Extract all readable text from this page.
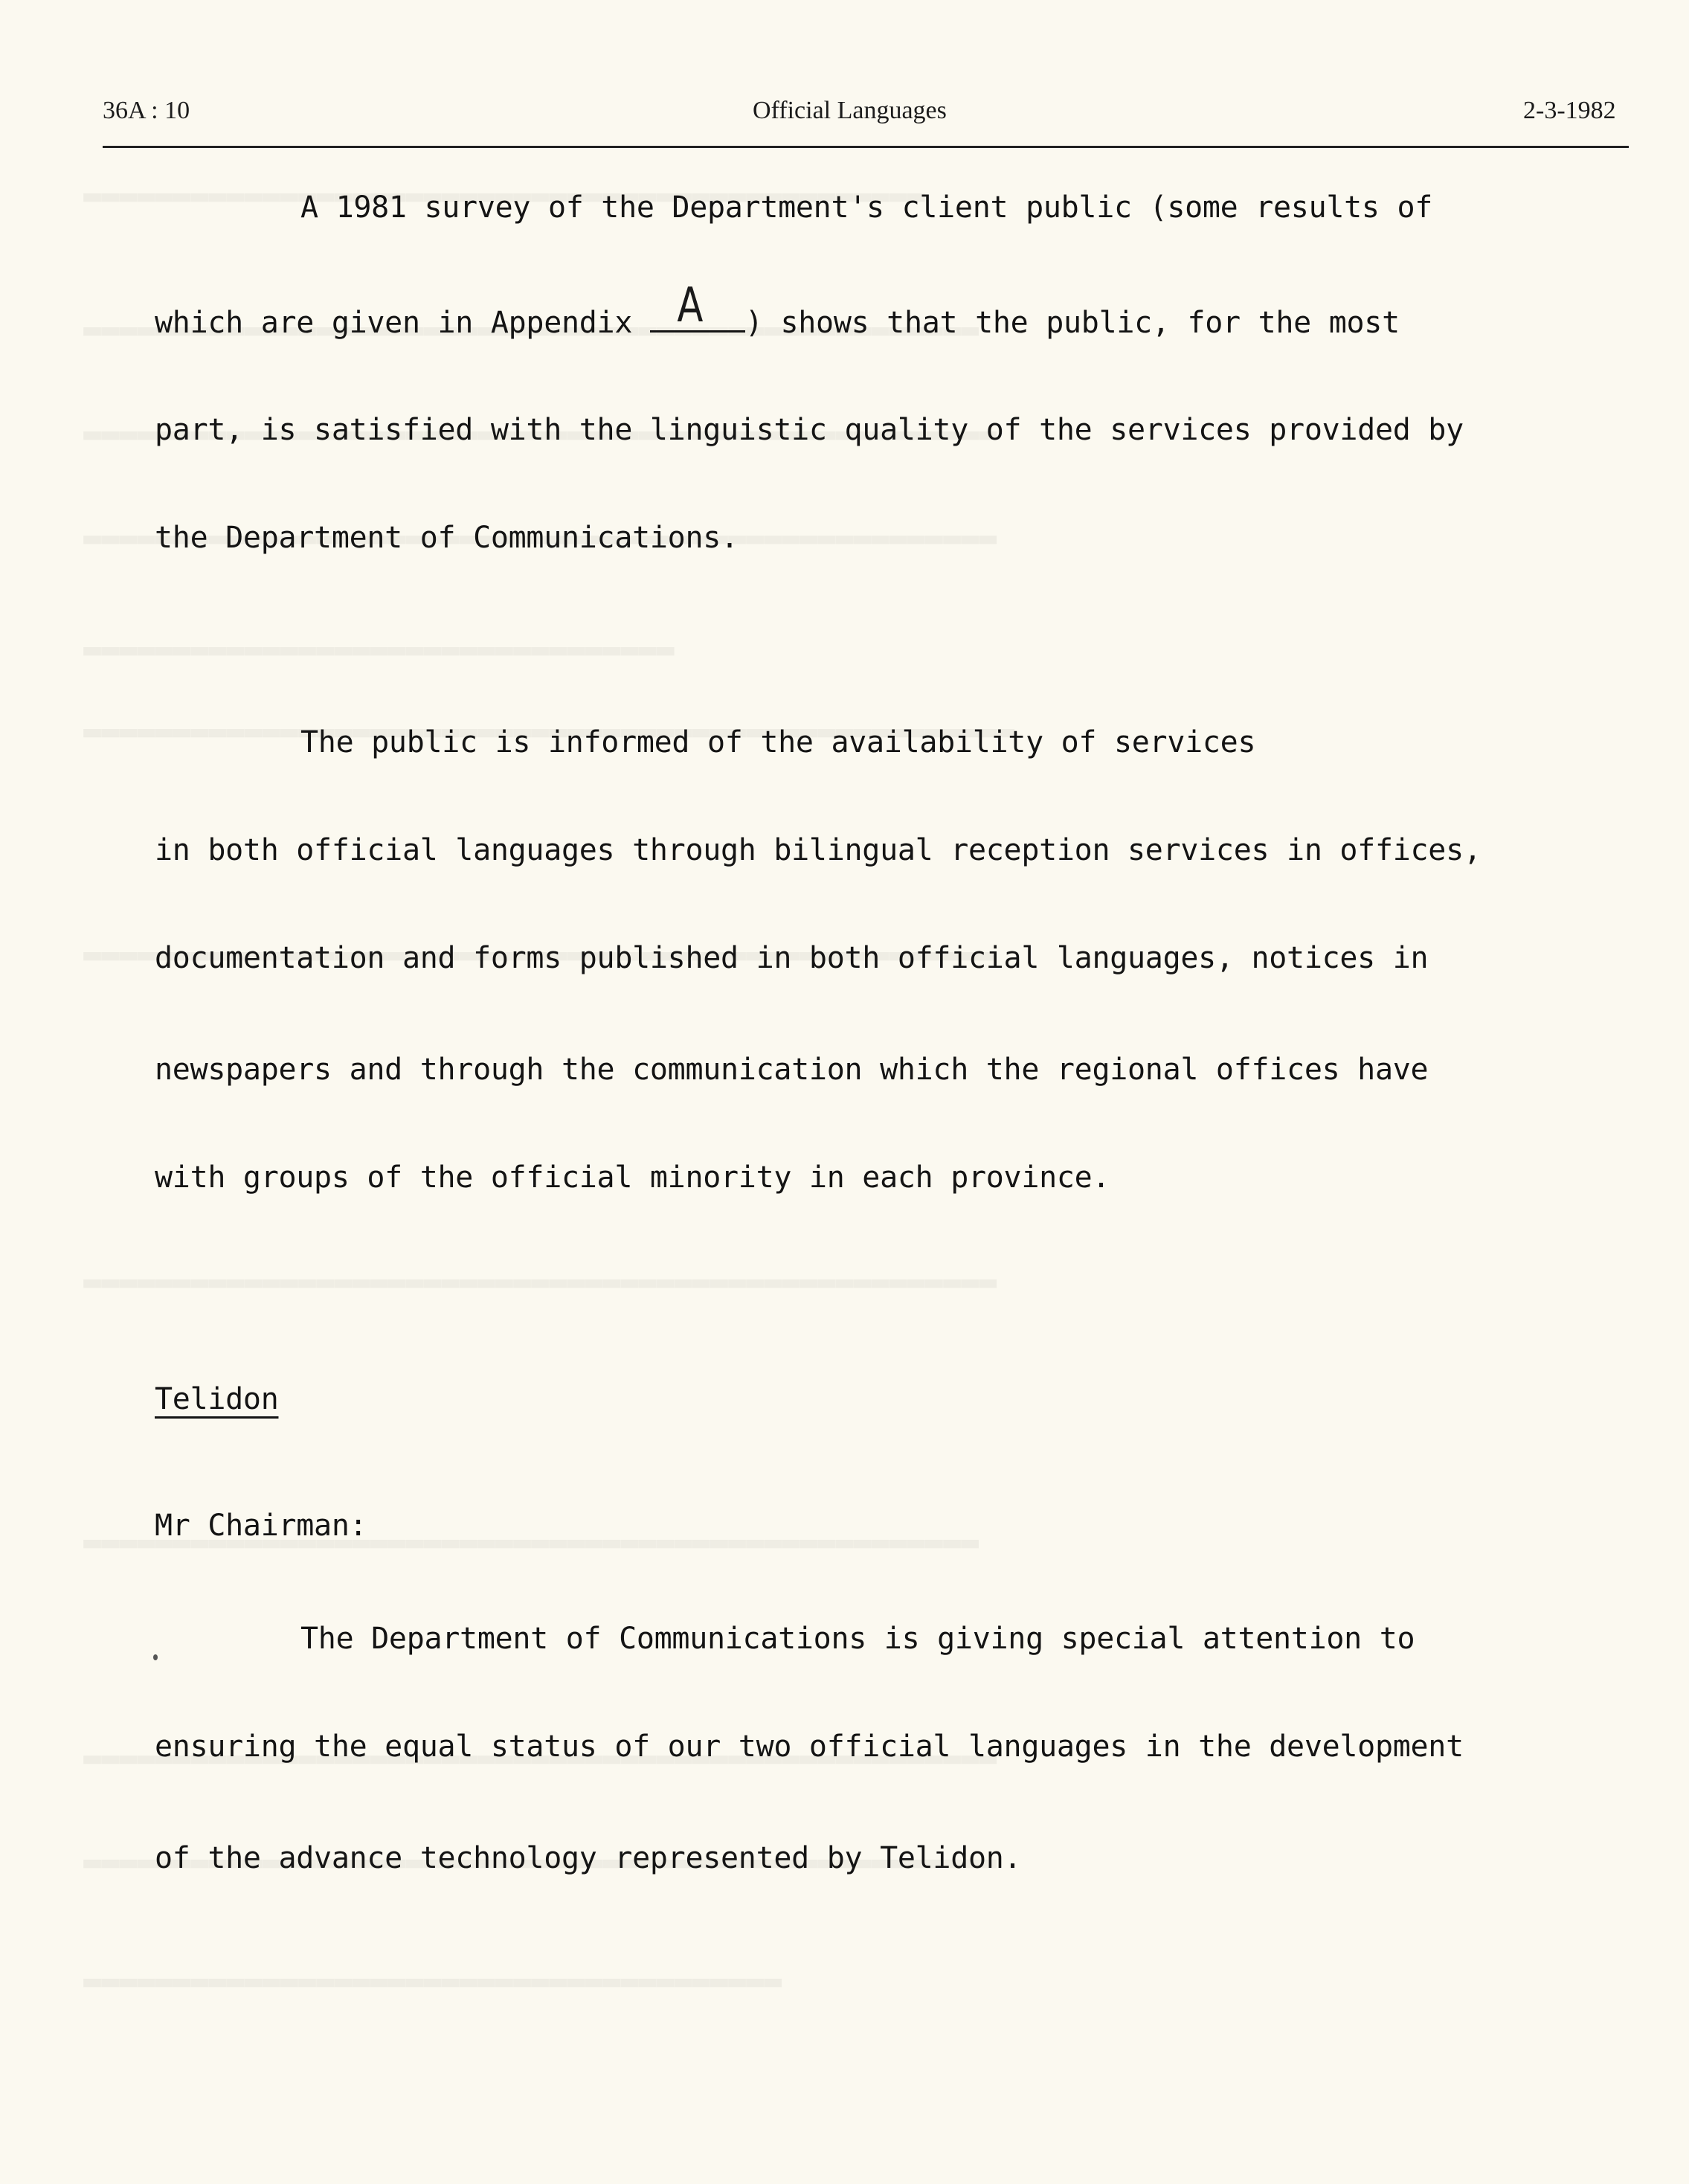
36A : 10	Official Languages	2-3-1982
A 1981 survey of the Department's client public (some results of
which are given in Appendix A ) shows that the public, for the most
part, is satisfied with the linguistic quality of the services provided by
the Department of Communications.
The public is informed of the availability of services
in both official languages through bilingual reception services in offices,
documentation and forms published in both official languages, notices in
newspapers and through the communication which the regional offices have
with groups of the official minority in each province.
Telidon
Mr Chairman:
The Department of Communications is giving special attention to
ensuring the equal status of our two official languages in the development
of the advance technology represented by Telidon.
